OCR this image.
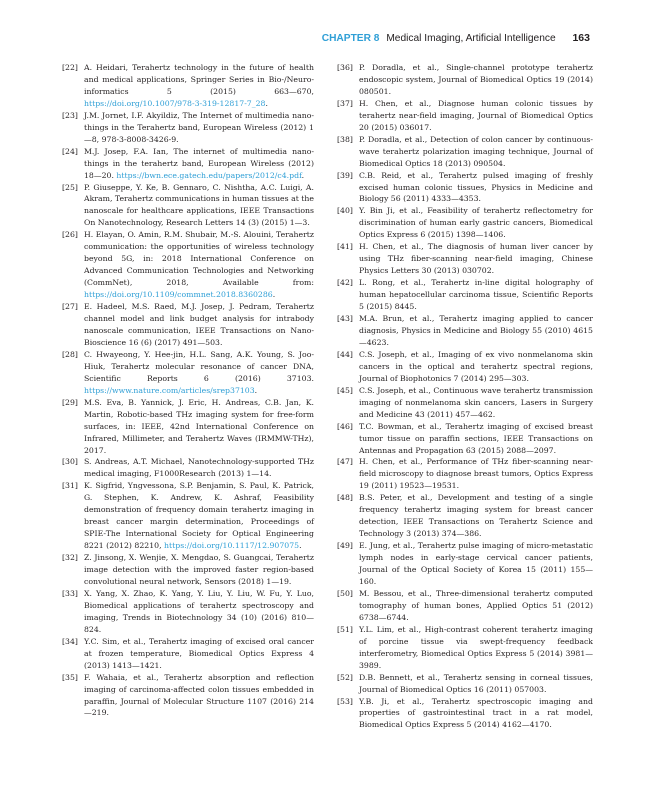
CHAPTER 8 Medical Imaging, Artificial Intelligence 163
[22] A. Heidari, Terahertz technology in the future of health and medical applications, Springer Series in Bio-/Neuro-informatics 5 (2015) 663—670, https://doi.org/10.1007/978-3-319-12817-7_28.
[23] J.M. Jornet, I.F. Akyildiz, The Internet of multimedia nano-things in the Terahertz band, European Wireless (2012) 1—8, 978-3-8008-3426-9.
[24] M.J. Josep, F.A. Ian, The internet of multimedia nano-things in the terahertz band, European Wireless (2012) 18—20. https://bwn.ece.gatech.edu/papers/2012/c4.pdf.
[25] P. Giuseppe, Y. Ke, B. Gennaro, C. Nishtha, A.C. Luigi, A. Akram, Terahertz communications in human tissues at the nanoscale for healthcare applications, IEEE Transactions On Nanotechnology, Research Letters 14 (3) (2015) 1—3.
[26] H. Elayan, O. Amin, R.M. Shubair, M.-S. Alouini, Terahertz communication: the opportunities of wireless technology beyond 5G, in: 2018 International Conference on Advanced Communication Technologies and Networking (CommNet), 2018, Available from: https://doi.org/10.1109/commnet.2018.8360286.
[27] E. Hadeel, M.S. Raed, M.J. Josep, J. Pedram, Terahertz channel model and link budget analysis for intrabody nanoscale communication, IEEE Transactions on Nano-Bioscience 16 (6) (2017) 491—503.
[28] C. Hwayeong, Y. Hee-jin, H.L. Sang, A.K. Young, S. Joo-Hiuk, Terahertz molecular resonance of cancer DNA, Scientific Reports 6 (2016) 37103. https://www.nature.com/articles/srep37103.
[29] M.S. Eva, B. Yannick, J. Eric, H. Andreas, C.B. Jan, K. Martin, Robotic-based THz imaging system for free-form surfaces, in: IEEE, 42nd International Conference on Infrared, Millimeter, and Terahertz Waves (IRMMW-THz), 2017.
[30] S. Andreas, A.T. Michael, Nanotechnology-supported THz medical imaging, F1000Research (2013) 1—14.
[31] K. Sigfrid, Yngvessona, S.P. Benjamin, S. Paul, K. Patrick, G. Stephen, K. Andrew, K. Ashraf, Feasibility demonstration of frequency domain terahertz imaging in breast cancer margin determination, Proceedings of SPIE-The International Society for Optical Engineering 8221 (2012) 82210, https://doi.org/10.1117/12.907075.
[32] Z. Jinsong, X. Wenjie, X. Mengdao, S. Guangcai, Terahertz image detection with the improved faster region-based convolutional neural network, Sensors (2018) 1—19.
[33] X. Yang, X. Zhao, K. Yang, Y. Liu, Y. Liu, W. Fu, Y. Luo, Biomedical applications of terahertz spectroscopy and imaging, Trends in Biotechnology 34 (10) (2016) 810—824.
[34] Y.C. Sim, et al., Terahertz imaging of excised oral cancer at frozen temperature, Biomedical Optics Express 4 (2013) 1413—1421.
[35] F. Wahaia, et al., Terahertz absorption and reflection imaging of carcinoma-affected colon tissues embedded in paraffin, Journal of Molecular Structure 1107 (2016) 214—219.
[36] P. Doradla, et al., Single-channel prototype terahertz endoscopic system, Journal of Biomedical Optics 19 (2014) 080501.
[37] H. Chen, et al., Diagnose human colonic tissues by terahertz near-field imaging, Journal of Biomedical Optics 20 (2015) 036017.
[38] P. Doradla, et al., Detection of colon cancer by continuous-wave terahertz polarization imaging technique, Journal of Biomedical Optics 18 (2013) 090504.
[39] C.B. Reid, et al., Terahertz pulsed imaging of freshly excised human colonic tissues, Physics in Medicine and Biology 56 (2011) 4333—4353.
[40] Y. Bin Ji, et al., Feasibility of terahertz reflectometry for discrimination of human early gastric cancers, Biomedical Optics Express 6 (2015) 1398—1406.
[41] H. Chen, et al., The diagnosis of human liver cancer by using THz fiber-scanning near-field imaging, Chinese Physics Letters 30 (2013) 030702.
[42] L. Rong, et al., Terahertz in-line digital holography of human hepatocellular carcinoma tissue, Scientific Reports 5 (2015) 8445.
[43] M.A. Brun, et al., Terahertz imaging applied to cancer diagnosis, Physics in Medicine and Biology 55 (2010) 4615—4623.
[44] C.S. Joseph, et al., Imaging of ex vivo nonmelanoma skin cancers in the optical and terahertz spectral regions, Journal of Biophotonics 7 (2014) 295—303.
[45] C.S. Joseph, et al., Continuous wave terahertz transmission imaging of nonmelanoma skin cancers, Lasers in Surgery and Medicine 43 (2011) 457—462.
[46] T.C. Bowman, et al., Terahertz imaging of excised breast tumor tissue on paraffin sections, IEEE Transactions on Antennas and Propagation 63 (2015) 2088—2097.
[47] H. Chen, et al., Performance of THz fiber-scanning near-field microscopy to diagnose breast tumors, Optics Express 19 (2011) 19523—19531.
[48] B.S. Peter, et al., Development and testing of a single frequency terahertz imaging system for breast cancer detection, IEEE Transactions on Terahertz Science and Technology 3 (2013) 374—386.
[49] E. Jung, et al., Terahertz pulse imaging of micro-metastatic lymph nodes in early-stage cervical cancer patients, Journal of the Optical Society of Korea 15 (2011) 155—160.
[50] M. Bessou, et al., Three-dimensional terahertz computed tomography of human bones, Applied Optics 51 (2012) 6738—6744.
[51] Y.L. Lim, et al., High-contrast coherent terahertz imaging of porcine tissue via swept-frequency feedback interferometry, Biomedical Optics Express 5 (2014) 3981—3989.
[52] D.B. Bennett, et al., Terahertz sensing in corneal tissues, Journal of Biomedical Optics 16 (2011) 057003.
[53] Y.B. Ji, et al., Terahertz spectroscopic imaging and properties of gastrointestinal tract in a rat model, Biomedical Optics Express 5 (2014) 4162—4170.
